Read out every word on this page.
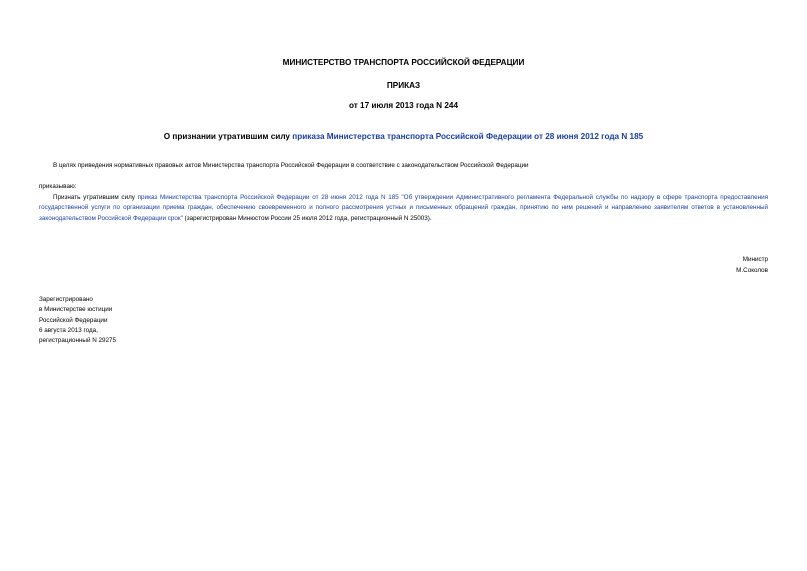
МИНИСТЕРСТВО ТРАНСПОРТА РОССИЙСКОЙ ФЕДЕРАЦИИ
ПРИКАЗ
от 17 июля 2013 года N 244
О признании утратившим силу приказа Министерства транспорта Российской Федерации от 28 июня 2012 года N 185
В целях приведения нормативных правовых актов Министерства транспорта Российской Федерации в соответствие с законодательством Российской Федерации
приказываю:
Признать утратившим силу приказ Министерства транспорта Российской Федерации от 28 июня 2012 года N 185 "Об утверждении Административного регламента Федеральной службы по надзору в сфере транспорта предоставления государственной услуги по организации приема граждан, обеспечению своевременного и полного рассмотрения устных и письменных обращений граждан, принятию по ним решений и направлению заявителям ответов в установленный законодательством Российской Федерации срок" (зарегистрирован Минюстом России 25 июля 2012 года, регистрационный N 25003).
Министр
М.Соколов
Зарегистрировано
в Министерстве юстиции
Российской Федерации
6 августа 2013 года,
регистрационный N 29275
